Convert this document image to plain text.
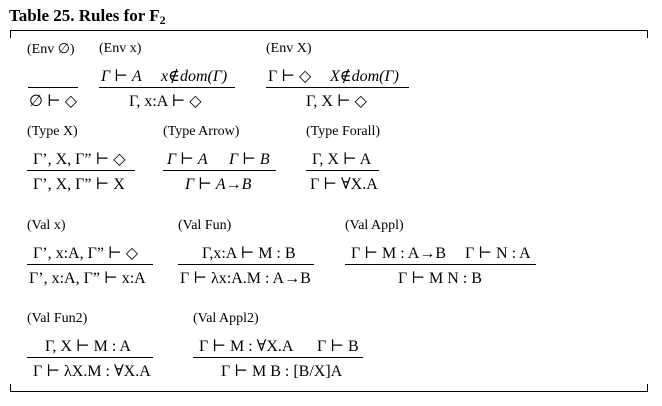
Table 25. Rules for $F_2$
(Env ∅)
∅ ⊢ ◇
(Env x)
Γ ⊢ A x∉dom(Γ)
Γ, x:A ⊢ ◇
(Env X)
Γ ⊢ ◇ X∉dom(Γ)
Γ, X ⊢ ◇
(Type X)
Γ’, X, Γ” ⊢ ◇
Γ’, X, Γ” ⊢ X
(Type Arrow)
Γ ⊢ A Γ ⊢ B
Γ ⊢ A→B
(Type Forall)
Γ, X ⊢ A
Γ ⊢ ∀X.A
(Val x)
Γ’, x:A, Γ” ⊢ ◇
Γ’, x:A, Γ” ⊢ x:A
(Val Fun)
Γ,x:A ⊢ M : B
Γ ⊢ λx:A.M : A→B
(Val Appl)
Γ ⊢ M : A→B Γ ⊢ N : A
Γ ⊢ M N : B
(Val Fun2)
Γ, X ⊢ M : A
Γ ⊢ λX.M : ∀X.A
(Val Appl2)
Γ ⊢ M : ∀X.A Γ ⊢ B
Γ ⊢ M B : [B/X]A
